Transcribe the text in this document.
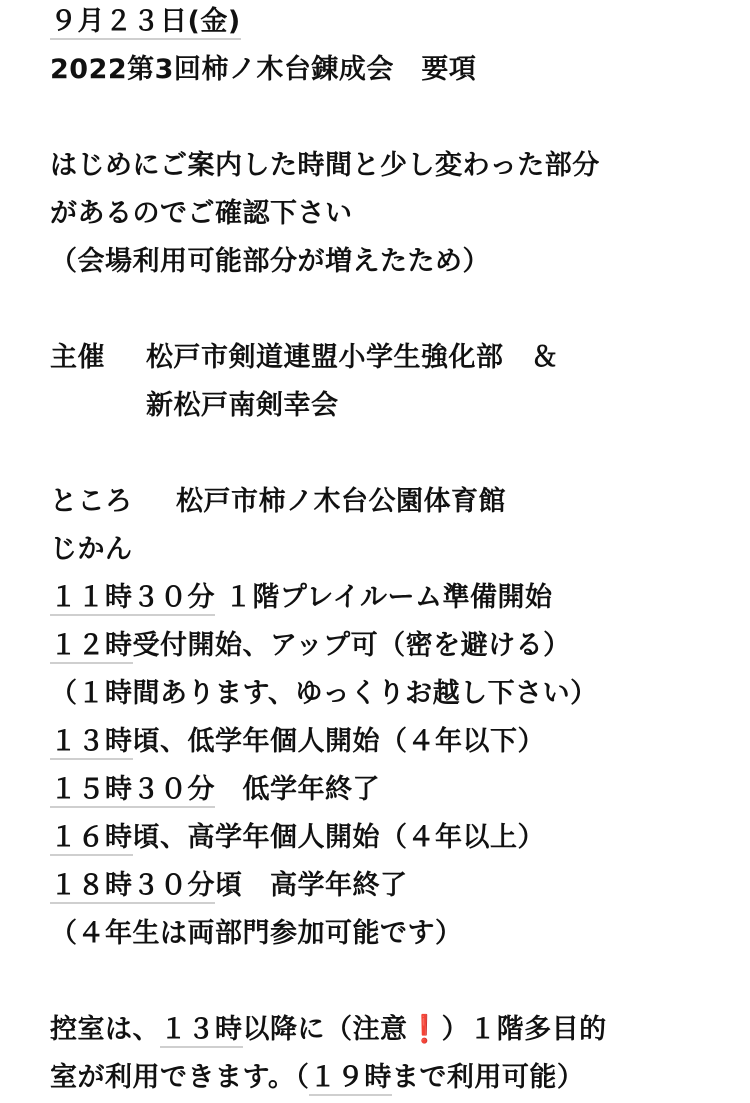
９月２３日(金)
2022第3回柿ノ木台錬成会　要項
はじめにご案内した時間と少し変わった部分
があるのでご確認下さい
（会場利用可能部分が増えたため）
主催 松戸市剣道連盟小学生強化部　＆
新松戸南剣幸会
ところ 松戸市柿ノ木台公園体育館
じかん
１１時３０分 １階プレイルーム準備開始
１２時受付開始、アップ可（密を避ける）
（１時間あります、ゆっくりお越し下さい）
１３時頃、低学年個人開始（４年以下）
１５時３０分　低学年終了
１６時頃、高学年個人開始（４年以上）
１８時３０分頃　高学年終了
（４年生は両部門参加可能です）
控室は、１３時以降に（注意❗）１階多目的
室が利用できます。（１９時まで利用可能）
